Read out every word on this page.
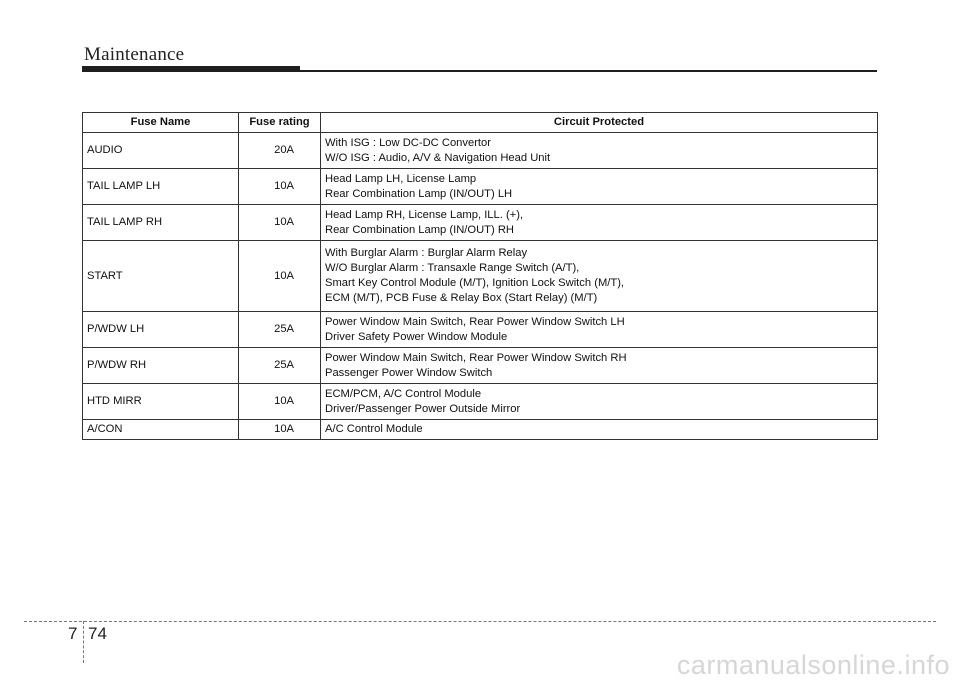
Maintenance
Fuse Name	Fuse rating	Circuit Protected
AUDIO	20A	With ISG : Low DC-DC Convertor
W/O ISG : Audio, A/V & Navigation Head Unit

TAIL LAMP LH	10A	Head Lamp LH, License Lamp
Rear Combination Lamp (IN/OUT) LH

TAIL LAMP RH	10A	Head Lamp RH, License Lamp, ILL. (+),
Rear Combination Lamp (IN/OUT) RH

START	10A	With Burglar Alarm : Burglar Alarm Relay
W/O Burglar Alarm : Transaxle Range Switch (A/T),
Smart Key Control Module (M/T), Ignition Lock Switch (M/T),
ECM (M/T), PCB Fuse & Relay Box (Start Relay) (M/T)

P/WDW LH	25A	Power Window Main Switch, Rear Power Window Switch LH
Driver Safety Power Window Module

P/WDW RH	25A	Power Window Main Switch, Rear Power Window Switch RH
Passenger Power Window Switch

HTD MIRR	10A	ECM/PCM, A/C Control Module
Driver/Passenger Power Outside Mirror

A/CON	10A	A/C Control Module
7 74
carmanualsonline.info
